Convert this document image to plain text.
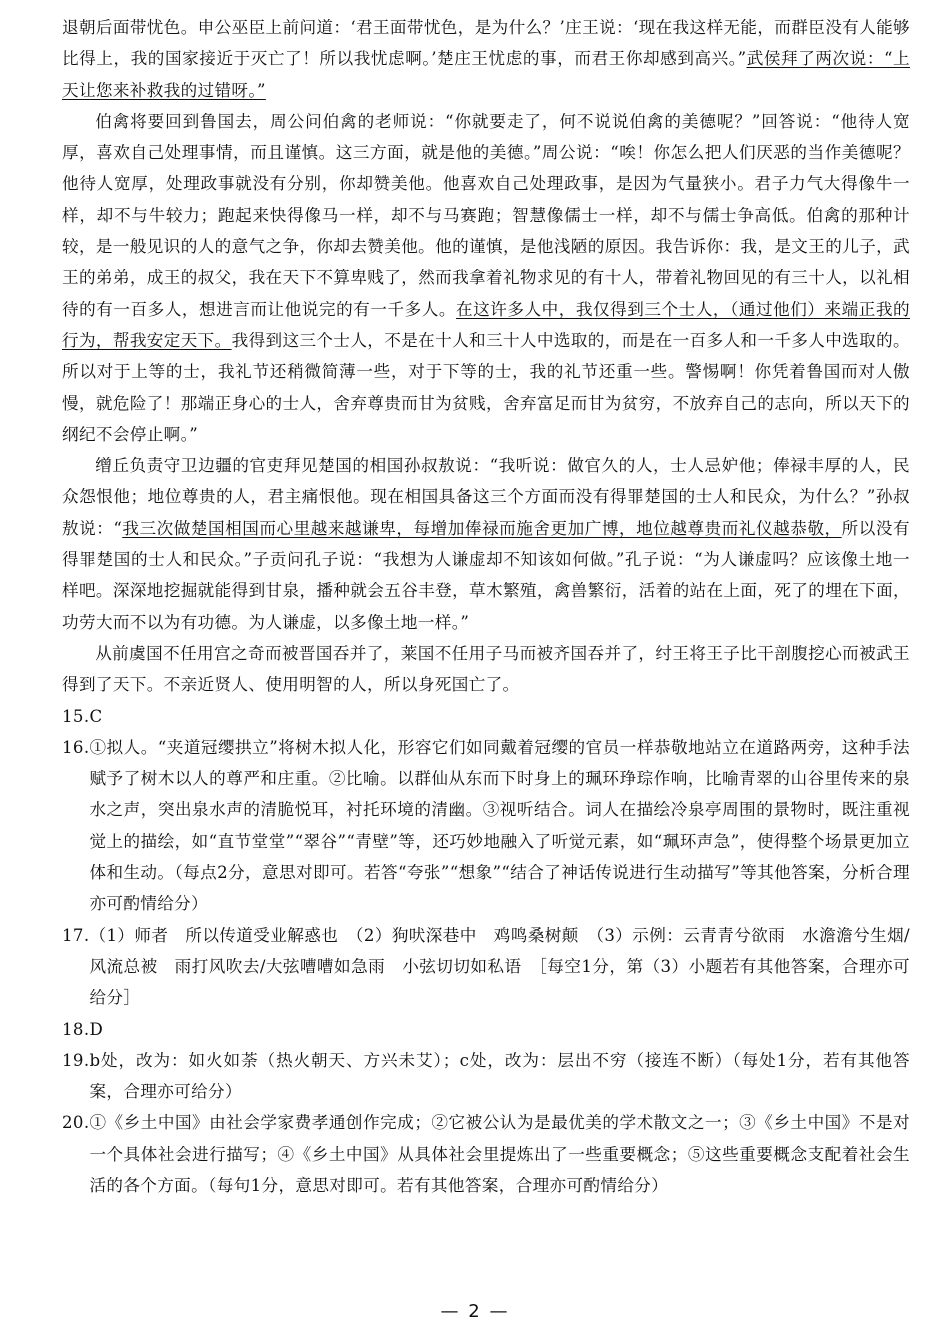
退朝后面带忧色。申公巫臣上前问道：‘君王面带忧色，是为什么？’庄王说：‘现在我这样无能，而群臣没有人能够比得上，我的国家接近于灭亡了！所以我忧虑啊。’楚庄王忧虑的事，而君王你却感到高兴。”武侯拜了两次说：“上天让您来补救我的过错呀。”

伯禽将要回到鲁国去，周公问伯禽的老师说：“你就要走了，何不说说伯禽的美德呢？”回答说：“他待人宽厚，喜欢自己处理事情，而且谨慎。这三方面，就是他的美德。”周公说：“唉！你怎么把人们厌恶的当作美德呢？他待人宽厚，处理政事就没有分别，你却赞美他。他喜欢自己处理政事，是因为气量狭小。君子力气大得像牛一样，却不与牛较力；跑起来快得像马一样，却不与马赛跑；智慧像儒士一样，却不与儒士争高低。伯禽的那种计较，是一般见识的人的意气之争，你却去赞美他。他的谨慎，是他浅陋的原因。我告诉你：我，是文王的儿子，武王的弟弟，成王的叔父，我在天下不算卑贱了，然而我拿着礼物求见的有十人，带着礼物回见的有三十人，以礼相待的有一百多人，想进言而让他说完的有一千多人。在这许多人中，我仅得到三个士人，（通过他们）来端正我的行为，帮我安定天下。我得到这三个士人，不是在十人和三十人中选取的，而是在一百多人和一千多人中选取的。所以对于上等的士，我礼节还稍微简薄一些，对于下等的士，我的礼节还重一些。警惕啊！你凭着鲁国而对人傲慢，就危险了！那端正身心的士人，舍弃尊贵而甘为贫贱，舍弃富足而甘为贫穷，不放弃自己的志向，所以天下的纲纪不会停止啊。”

缯丘负责守卫边疆的官吏拜见楚国的相国孙叔敖说：“我听说：做官久的人，士人忌妒他；俸禄丰厚的人，民众怨恨他；地位尊贵的人，君主痛恨他。现在相国具备这三个方面而没有得罪楚国的士人和民众，为什么？”孙叔敖说：“我三次做楚国相国而心里越来越谦卑，每增加俸禄而施舍更加广博，地位越尊贵而礼仪越恭敬，所以没有得罪楚国的士人和民众。”子贡问孔子说：“我想为人谦虚却不知该如何做。”孔子说：“为人谦虚吗？应该像土地一样吧。深深地挖掘就能得到甘泉，播种就会五谷丰登，草木繁殖，禽兽繁衍，活着的站在上面，死了的埋在下面，功劳大而不以为有功德。为人谦虚，以多像土地一样。”

从前虞国不任用宫之奇而被晋国吞并了，莱国不任用子马而被齐国吞并了，纣王将王子比干剖腹挖心而被武王得到了天下。不亲近贤人、使用明智的人，所以身死国亡了。

15. C
16. ①拟人。“夹道冠缨拱立”将树木拟人化，形容它们如同戴着冠缨的官员一样恭敬地站立在道路两旁，这种手法赋予了树木以人的尊严和庄重。②比喻。以群仙从东而下时身上的珮环琤琮作响，比喻青翠的山谷里传来的泉水之声，突出泉水声的清脆悦耳，衬托环境的清幽。③视听结合。词人在描绘冷泉亭周围的景物时，既注重视觉上的描绘，如“直节堂堂”“翠谷”“青壁”等，还巧妙地融入了听觉元素，如“珮环声急”，使得整个场景更加立体和生动。（每点2分，意思对即可。若答“夸张”“想象”“结合了神话传说进行生动描写”等其他答案，分析合理亦可酌情给分）
17. （1）师者　所以传道受业解惑也　（2）狗吠深巷中　鸡鸣桑树颠　（3）示例：云青青兮欲雨　水澹澹兮生烟/风流总被　雨打风吹去/大弦嘈嘈如急雨　小弦切切如私语　［每空1分，第（3）小题若有其他答案，合理亦可给分］
18. D
19. b处，改为：如火如荼（热火朝天、方兴未艾）；c处，改为：层出不穷（接连不断）（每处1分，若有其他答案，合理亦可给分）
20. ①《乡土中国》由社会学家费孝通创作完成；②它被公认为是最优美的学术散文之一；③《乡土中国》不是对一个具体社会进行描写；④《乡土中国》从具体社会里提炼出了一些重要概念；⑤这些重要概念支配着社会生活的各个方面。（每句1分，意思对即可。若有其他答案，合理亦可酌情给分）
— 2 —
